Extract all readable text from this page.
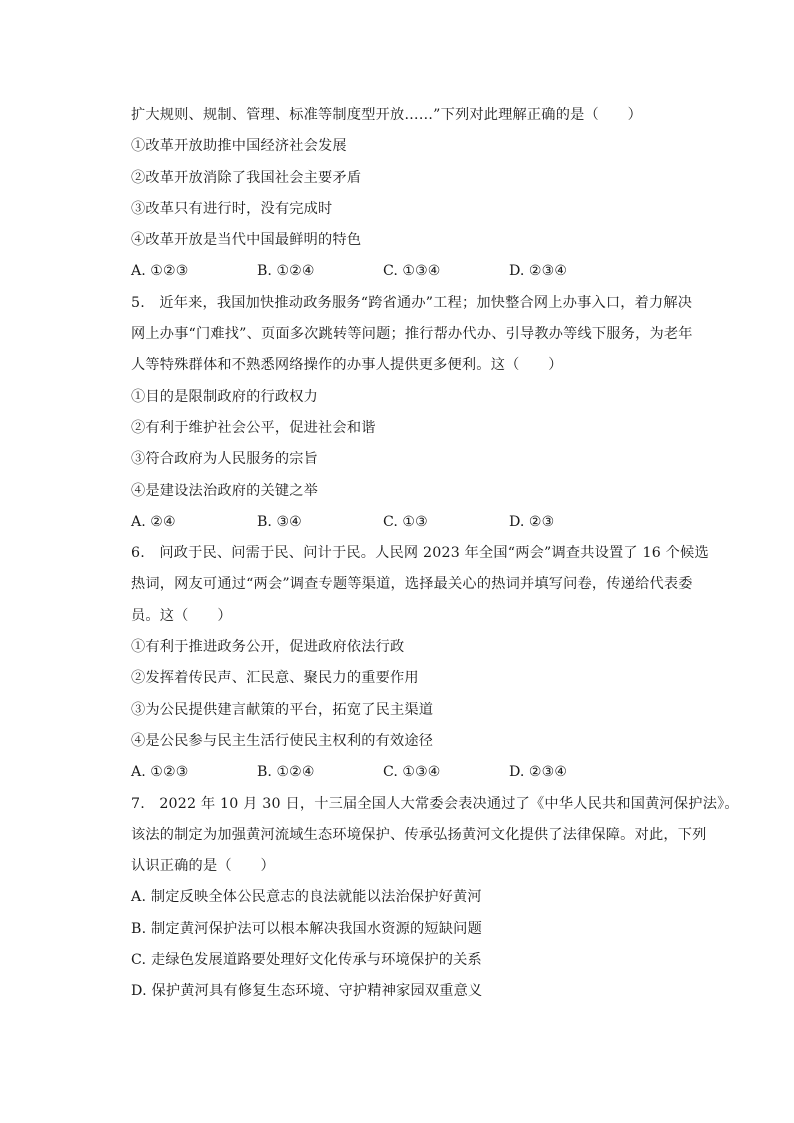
扩大规则、规制、管理、标准等制度型开放……”下列对此理解正确的是（　　）
①改革开放助推中国经济社会发展
②改革开放消除了我国社会主要矛盾
③改革只有进行时，没有完成时
④改革开放是当代中国最鲜明的特色
A. ①②③	B. ①②④	C. ①③④	D. ②③④
5.　近年来，我国加快推动政务服务“跨省通办”工程；加快整合网上办事入口，着力解决
网上办事“门难找”、页面多次跳转等问题；推行帮办代办、引导教办等线下服务，为老年
人等特殊群体和不熟悉网络操作的办事人提供更多便利。这（　　）
①目的是限制政府的行政权力
②有利于维护社会公平，促进社会和谐
③符合政府为人民服务的宗旨
④是建设法治政府的关键之举
A. ②④	B. ③④	C. ①③	D. ②③
6.　问政于民、问需于民、问计于民。人民网 2023 年全国“两会”调查共设置了 16 个候选
热词，网友可通过“两会”调查专题等渠道，选择最关心的热词并填写问卷，传递给代表委
员。这（　　）
①有利于推进政务公开，促进政府依法行政
②发挥着传民声、汇民意、聚民力的重要作用
③为公民提供建言献策的平台，拓宽了民主渠道
④是公民参与民主生活行使民主权利的有效途径
A. ①②③	B. ①②④	C. ①③④	D. ②③④
7.　2022 年 10 月 30 日，十三届全国人大常委会表决通过了《中华人民共和国黄河保护法》。
该法的制定为加强黄河流域生态环境保护、传承弘扬黄河文化提供了法律保障。对此，下列
认识正确的是（　　）
A. 制定反映全体公民意志的良法就能以法治保护好黄河
B. 制定黄河保护法可以根本解决我国水资源的短缺问题
C. 走绿色发展道路要处理好文化传承与环境保护的关系
D. 保护黄河具有修复生态环境、守护精神家园双重意义
